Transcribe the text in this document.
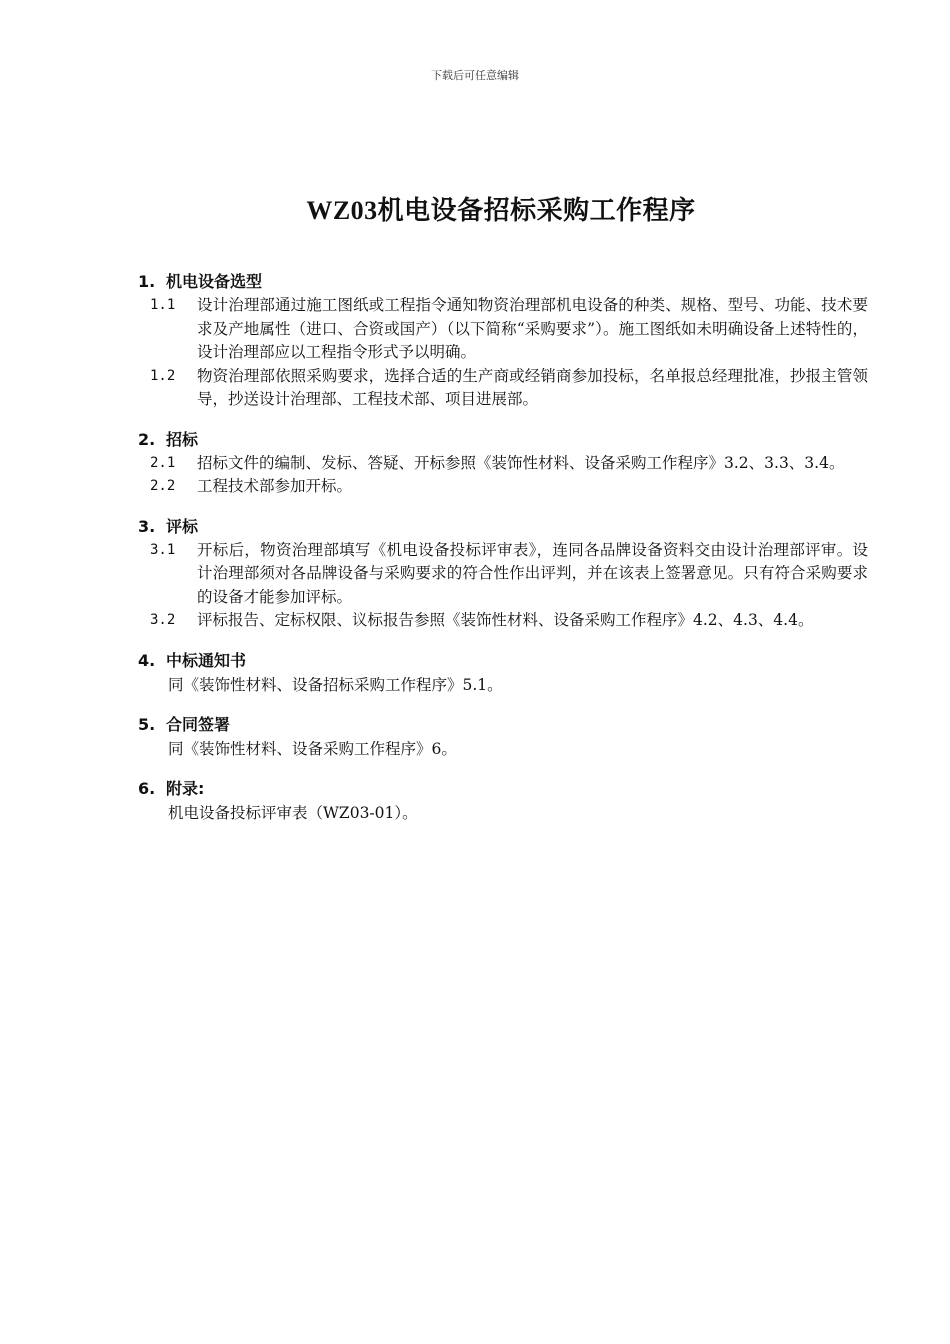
下载后可任意编辑
WZ03机电设备招标采购工作程序
1. 机电设备选型
1.1	设计治理部通过施工图纸或工程指令通知物资治理部机电设备的种类、规格、型号、功能、技术要求及产地属性（进口、合资或国产）（以下简称“采购要求”）。施工图纸如未明确设备上述特性的，设计治理部应以工程指令形式予以明确。
1.2	物资治理部依照采购要求，选择合适的生产商或经销商参加投标，名单报总经理批准，抄报主管领导，抄送设计治理部、工程技术部、项目进展部。
2. 招标
2.1	招标文件的编制、发标、答疑、开标参照《装饰性材料、设备采购工作程序》3.2、3.3、3.4。
2.2	工程技术部参加开标。
3. 评标
3.1	开标后，物资治理部填写《机电设备投标评审表》，连同各品牌设备资料交由设计治理部评审。设计治理部须对各品牌设备与采购要求的符合性作出评判，并在该表上签署意见。只有符合采购要求的设备才能参加评标。
3.2	评标报告、定标权限、议标报告参照《装饰性材料、设备采购工作程序》4.2、4.3、4.4。
4. 中标通知书
同《装饰性材料、设备招标采购工作程序》5.1。
5. 合同签署
同《装饰性材料、设备采购工作程序》6。
6. 附录:
机电设备投标评审表（WZ03-01）。
